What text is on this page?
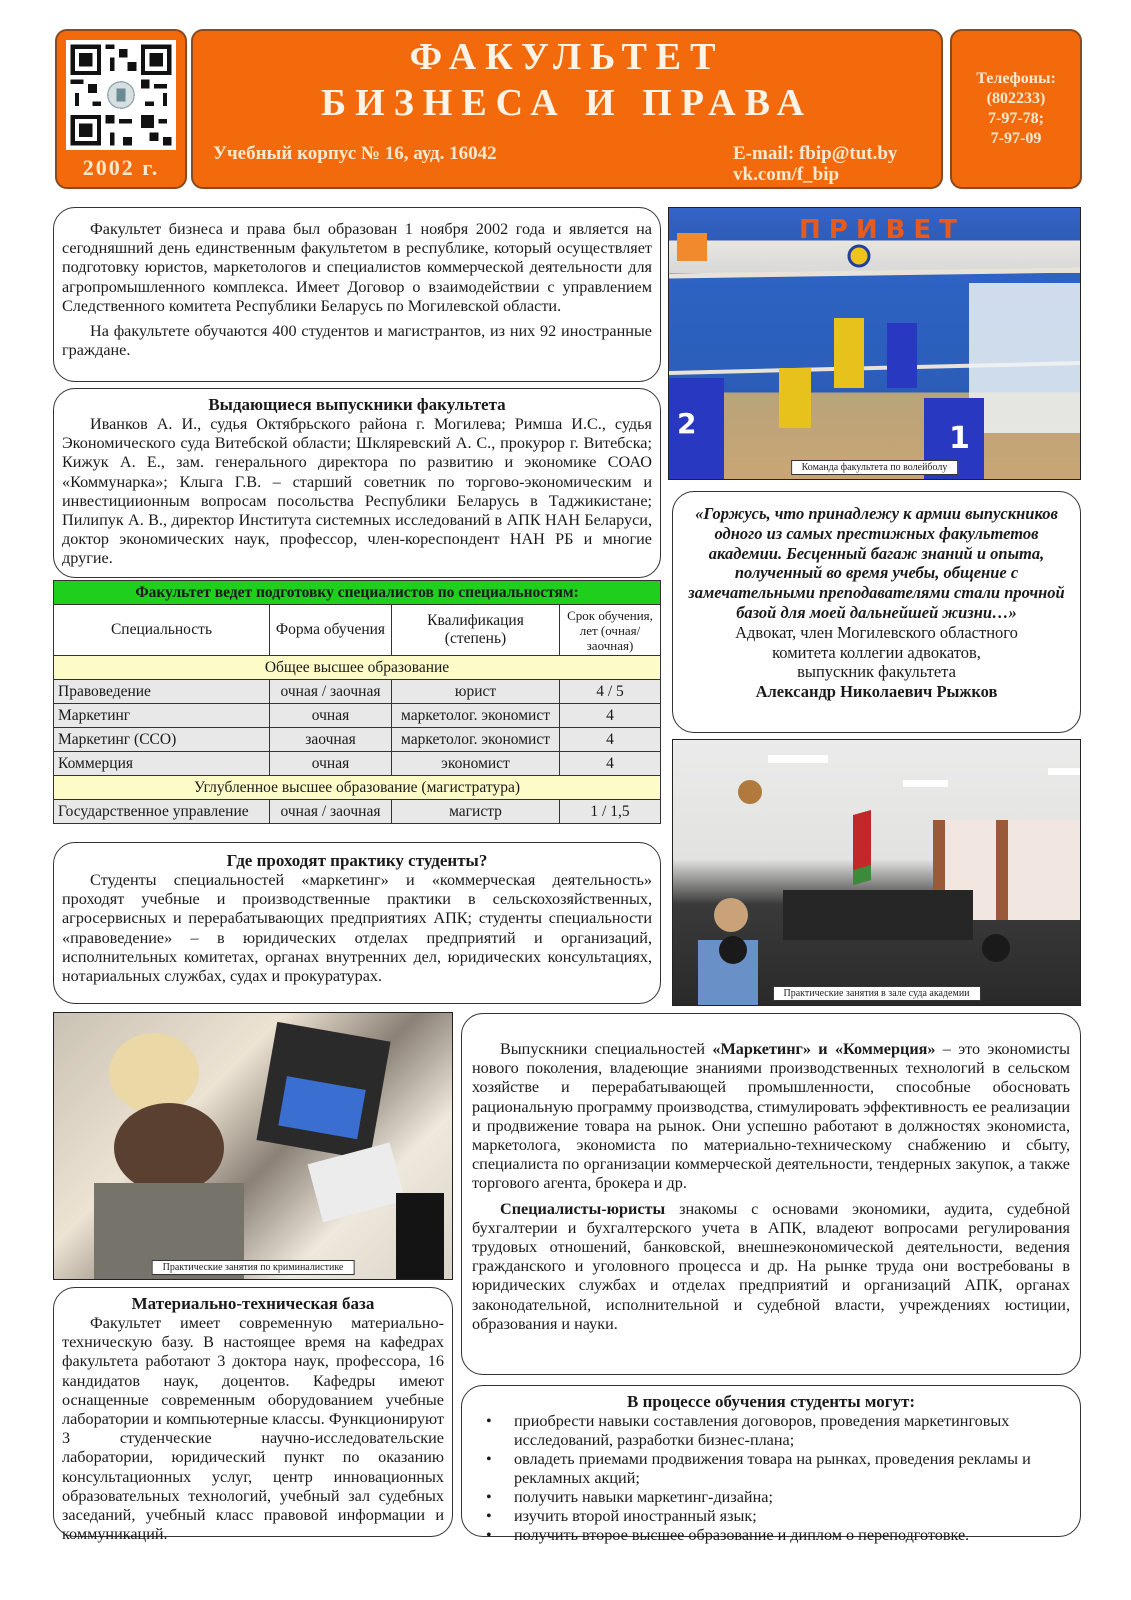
2002 г.
ФАКУЛЬТЕТ
БИЗНЕСА И ПРАВА
Учебный корпус № 16, ауд. 16042	E-mail: fbip@tut.by
vk.com/f_bip
Телефоны:
(802233)
7-97-78;
7-97-09

Факультет бизнеса и права был образован 1 ноября 2002 года и является на сегодняшний день единственным факультетом в республике, который осуществляет подготовку юристов, маркетологов и специалистов коммерческой деятельности для агропромышленного комплекса. Имеет Договор о взаимодействии с управлением Следственного комитета Республики Беларусь по Могилевской области.

На факультете обучаются 400 студентов и магистрантов, из них 92 иностранные граждане.

Выдающиеся выпускники факультета

Иванков А. И., судья Октябрьского района г. Могилева; Римша И.С., судья Экономического суда Витебской области; Шкляревский А. С., прокурор г. Витебска; Кижук А. Е., зам. генерального директора по развитию и экономике СОАО «Коммунарка»; Клыга Г.В. – старший советник по торгово-экономическим и инвестициионным вопросам посольства Республики Беларусь в Таджикистане; Пилипук А. В., директор Института системных исследований в АПК НАН Беларуси, доктор экономических наук, профессор, член-кореспондент НАН РБ и многие другие.

Факультет ведет подготовку специалистов по специальностям:			
Специальность	Форма обучения	Квалификация (степень)	Срок обучения, лет (очная/заочная)
Общее высшее образование			
Правоведение	очная / заочная	юрист	4 / 5
Маркетинг	очная	маркетолог. экономист	4
Маркетинг (ССО)	заочная	маркетолог. экономист	4
Коммерция	очная	экономист	4
Углубленное высшее образование (магистратура)			
Государственное управление	очная / заочная	магистр	1 / 1,5
Где проходят практику студенты?

Студенты специальностей «маркетинг» и «коммерческая деятельность» проходят учебные и производственные практики в сельскохозяйственных, агросервисных и перерабатывающих предприятиях АПК; студенты специальности «правоведение» – в юридических отделах предприятий и организаций, исполнительных комитетах, органах внутренних дел, юридических консультациях, нотариальных службах, судах и прокуратурах.

ПРИВЕТ
1
2
Команда факультета по волейболу
«Горжусь, что принадлежу к армии выпускников одного из самых престижных факультетов академии. Бесценный багаж знаний и опыта, полученный во время учебы, общение с замечательными преподавателями стали прочной базой для моей дальнейшей жизни…»
Адвокат, член Могилевского областного
комитета коллегии адвокатов,
выпускник факультета
Александр Николаевич Рыжков
Практические занятия в зале суда академии
Практические занятия по криминалистике

Выпускники специальностей «Маркетинг» и «Коммерция» – это экономисты нового поколения, владеющие знаниями производственных технологий в сельском хозяйстве и перерабатывающей промышленности, способные обосновать рациональную программу производства, стимулировать эффективность ее реализации и продвижение товара на рынок. Они успешно работают в должностях экономиста, маркетолога, экономиста по материально-техническому снабжению и сбыту, специалиста по организации коммерческой деятельности, тендерных закупок, а также торгового агента, брокера и др.

Специалисты-юристы знакомы с основами экономики, аудита, судебной бухгалтерии и бухгалтерского учета в АПК, владеют вопросами регулирования трудовых отношений, банковской, внешнеэкономической деятельности, ведения гражданского и уголовного процесса и др. На рынке труда они востребованы в юридических службах и отделах предприятий и организаций АПК, органах законодательной, исполнительной и судебной власти, учреждениях юстиции, образования и науки.

Материально-техническая база

Факультет имеет современную материально-техническую базу. В настоящее время на кафедрах факультета работают 3 доктора наук, профессора, 16 кандидатов наук, доцентов. Кафедры имеют оснащенные современным оборудованием учебные лаборатории и компьютерные классы. Функционируют 3 студенческие научно-исследовательские лаборатории, юридический пункт по оказанию консультационных услуг, центр инновационных образовательных технологий, учебный зал судебных заседаний, учебный класс правовой информации и коммуникаций.

В процессе обучения студенты могут:
• приобрести навыки составления договоров, проведения маркетинговых исследований, разработки бизнес-плана;
• овладеть приемами продвижения товара на рынках, проведения рекламы и рекламных акций;
• получить навыки маркетинг-дизайна;
• изучить второй иностранный язык;
• получить второе высшее образование и диплом о переподготовке.
